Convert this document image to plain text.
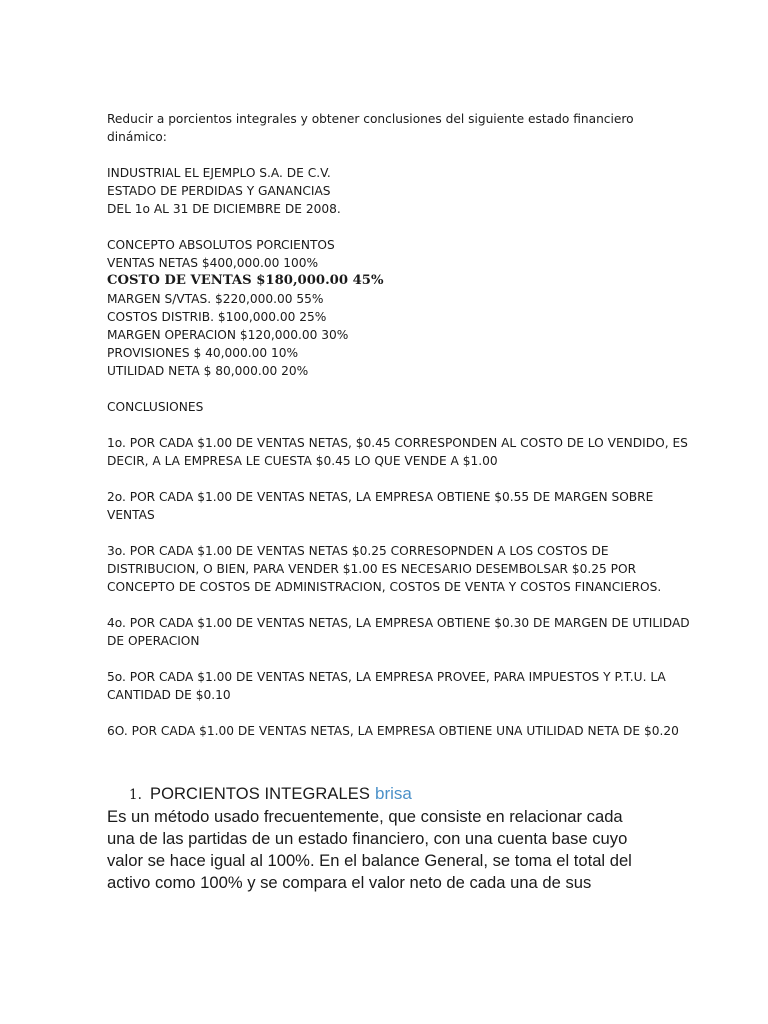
Reducir a porcientos integrales y obtener conclusiones del siguiente estado financiero
dinámico:
INDUSTRIAL EL EJEMPLO S.A. DE C.V.
ESTADO DE PERDIDAS Y GANANCIAS
DEL 1o AL 31 DE DICIEMBRE DE 2008.
CONCEPTO ABSOLUTOS PORCIENTOS
VENTAS NETAS $400,000.00 100%
COSTO DE VENTAS $180,000.00 45%
MARGEN S/VTAS. $220,000.00 55%
COSTOS DISTRIB. $100,000.00 25%
MARGEN OPERACION $120,000.00 30%
PROVISIONES $ 40,000.00 10%
UTILIDAD NETA $ 80,000.00 20%
CONCLUSIONES
1o. POR CADA $1.00 DE VENTAS NETAS, $0.45 CORRESPONDEN AL COSTO DE LO VENDIDO, ES
DECIR, A LA EMPRESA LE CUESTA $0.45 LO QUE VENDE A $1.00
2o. POR CADA $1.00 DE VENTAS NETAS, LA EMPRESA OBTIENE $0.55 DE MARGEN SOBRE
VENTAS
3o. POR CADA $1.00 DE VENTAS NETAS $0.25 CORRESOPNDEN A LOS COSTOS DE
DISTRIBUCION, O BIEN, PARA VENDER $1.00 ES NECESARIO DESEMBOLSAR $0.25 POR
CONCEPTO DE COSTOS DE ADMINISTRACION, COSTOS DE VENTA Y COSTOS FINANCIEROS.
4o. POR CADA $1.00 DE VENTAS NETAS, LA EMPRESA OBTIENE $0.30 DE MARGEN DE UTILIDAD
DE OPERACION
5o. POR CADA $1.00 DE VENTAS NETAS, LA EMPRESA PROVEE, PARA IMPUESTOS Y P.T.U. LA
CANTIDAD DE $0.10
6O. POR CADA $1.00 DE VENTAS NETAS, LA EMPRESA OBTIENE UNA UTILIDAD NETA DE $0.20
1. PORCIENTOS INTEGRALES brisa
Es un método usado frecuentemente, que consiste en relacionar cada
una de las partidas de un estado financiero, con una cuenta base cuyo
valor se hace igual al 100%. En el balance General, se toma el total del
activo como 100% y se compara el valor neto de cada una de sus
